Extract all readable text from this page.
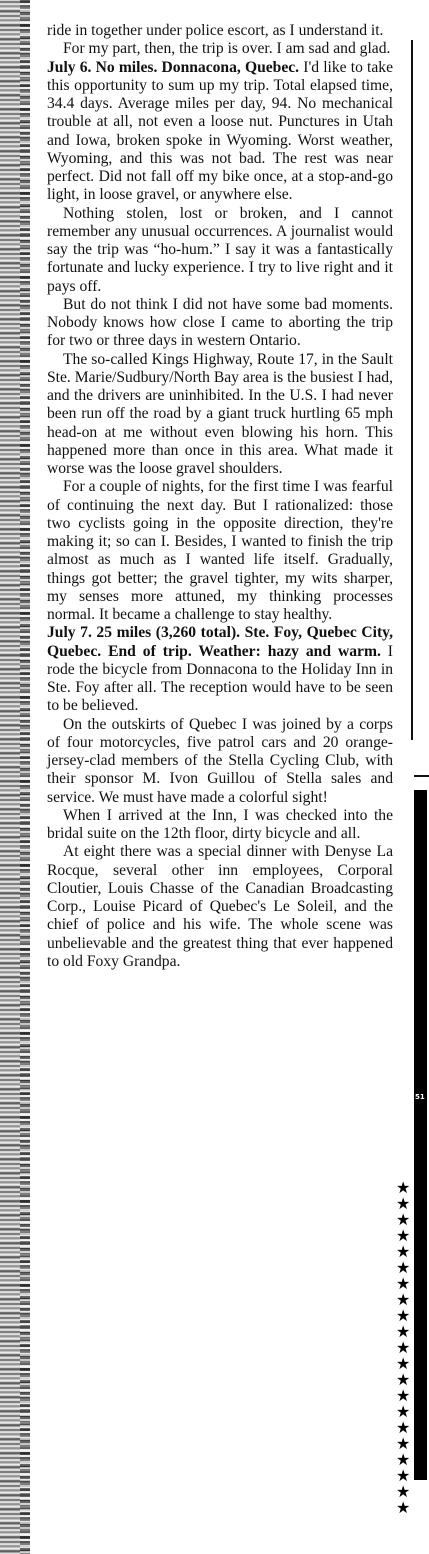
ride in together under police escort, as I understand it.

For my part, then, the trip is over. I am sad and glad.

July 6. No miles. Donnacona, Quebec. I'd like to take this opportunity to sum up my trip. Total elapsed time, 34.4 days. Average miles per day, 94. No mechanical trouble at all, not even a loose nut. Punctures in Utah and Iowa, broken spoke in Wyoming. Worst weather, Wyoming, and this was not bad. The rest was near perfect. Did not fall off my bike once, at a stop-and-go light, in loose gravel, or anywhere else.

Nothing stolen, lost or broken, and I cannot remember any unusual occurrences. A journalist would say the trip was “ho-hum.” I say it was a fantastically fortunate and lucky experience. I try to live right and it pays off.

But do not think I did not have some bad moments. Nobody knows how close I came to aborting the trip for two or three days in western Ontario.

The so-called Kings Highway, Route 17, in the Sault Ste. Marie/Sudbury/North Bay area is the busiest I had, and the drivers are uninhibited. In the U.S. I had never been run off the road by a giant truck hurtling 65 mph head-on at me without even blowing his horn. This happened more than once in this area. What made it worse was the loose gravel shoulders.

For a couple of nights, for the first time I was fearful of continuing the next day. But I rationalized: those two cyclists going in the opposite direction, they're making it; so can I. Besides, I wanted to finish the trip almost as much as I wanted life itself. Gradually, things got better; the gravel tighter, my wits sharper, my senses more attuned, my thinking processes normal. It became a challenge to stay healthy.

July 7. 25 miles (3,260 total). Ste. Foy, Quebec City, Quebec. End of trip. Weather: hazy and warm. I rode the bicycle from Donnacona to the Holiday Inn in Ste. Foy after all. The reception would have to be seen to be believed.

On the outskirts of Quebec I was joined by a corps of four motorcycles, five patrol cars and 20 orange-jersey-clad members of the Stella Cycling Club, with their sponsor M. Ivon Guillou of Stella sales and service. We must have made a colorful sight!

When I arrived at the Inn, I was checked into the bridal suite on the 12th floor, dirty bicycle and all.

At eight there was a special dinner with Denyse La Rocque, several other inn employees, Corporal Cloutier, Louis Chasse of the Canadian Broadcasting Corp., Louise Picard of Quebec's Le Soleil, and the chief of police and his wife. The whole scene was unbelievable and the greatest thing that ever happened to old Foxy Grandpa.

51
★
★
★
★
★
★
★
★
★
★
★
★
★
★
★
★
★
★
★
★
★
